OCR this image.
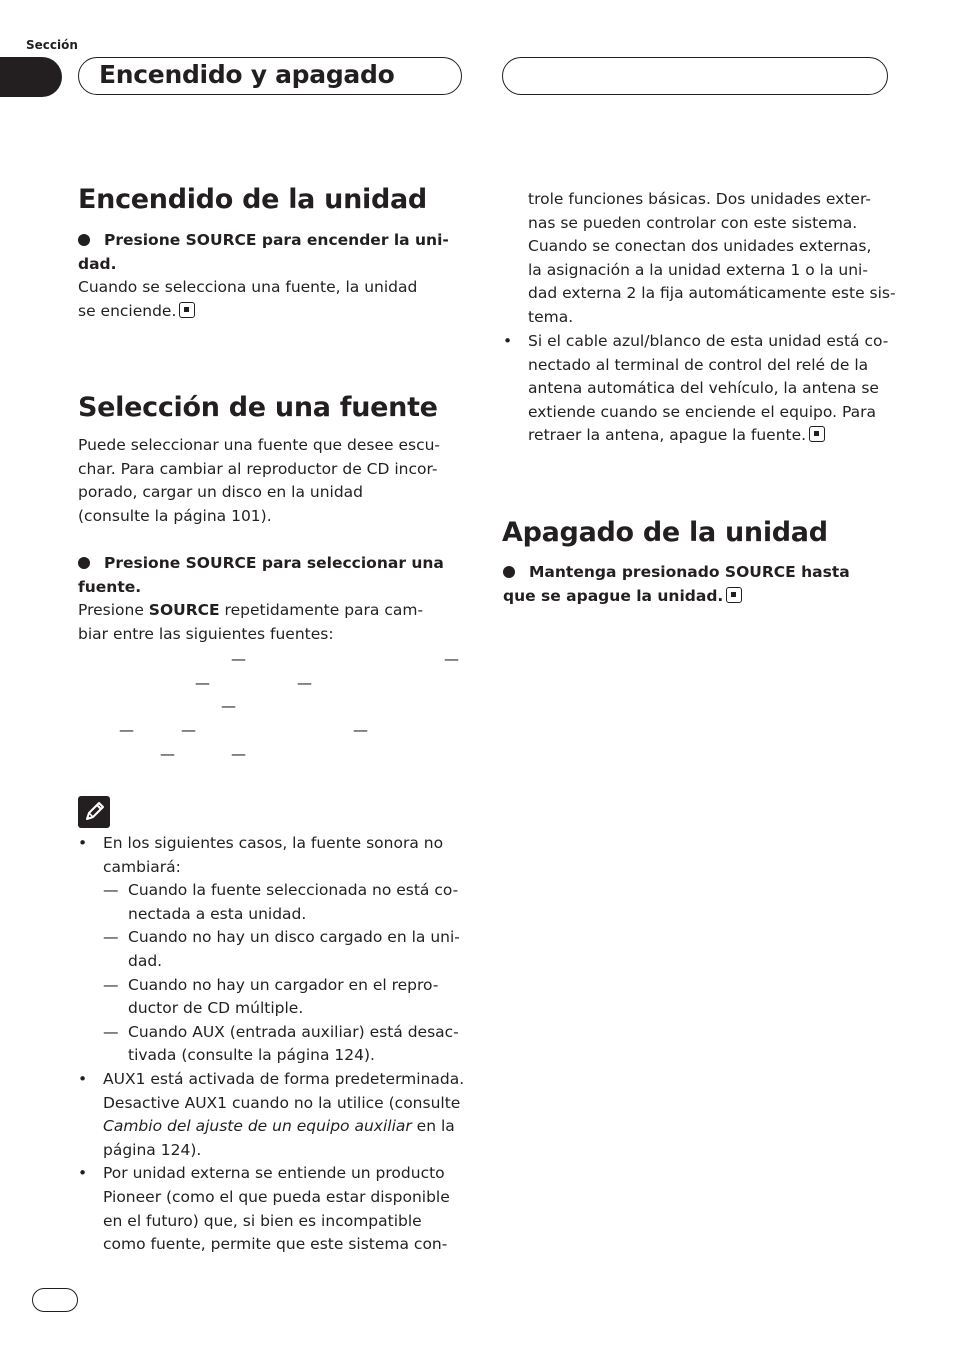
Sección
Encendido y apagado
Encendido de la unidad
Presione SOURCE para encender la uni-
dad.
Cuando se selecciona una fuente, la unidad
se enciende.
Selección de una fuente
Puede seleccionar una fuente que desee escu-
char. Para cambiar al reproductor de CD incor-
porado, cargar un disco en la unidad
(consulte la página 101).
Presione SOURCE para seleccionar una
fuente.
Presione SOURCE repetidamente para cam-
biar entre las siguientes fuentes:
—	—
—	—
—
—	—	—
—	—
• En los siguientes casos, la fuente sonora no
cambiará:
— Cuando la fuente seleccionada no está co-
nectada a esta unidad.
— Cuando no hay un disco cargado en la uni-
dad.
— Cuando no hay un cargador en el repro-
ductor de CD múltiple.
— Cuando AUX (entrada auxiliar) está desac-
tivada (consulte la página 124).
• AUX1 está activada de forma predeterminada.
Desactive AUX1 cuando no la utilice (consulte
Cambio del ajuste de un equipo auxiliar en la
página 124).
• Por unidad externa se entiende un producto
Pioneer (como el que pueda estar disponible
en el futuro) que, si bien es incompatible
como fuente, permite que este sistema con-
trole funciones básicas. Dos unidades exter-
nas se pueden controlar con este sistema.
Cuando se conectan dos unidades externas,
la asignación a la unidad externa 1 o la uni-
dad externa 2 la fija automáticamente este sis-
tema.
• Si el cable azul/blanco de esta unidad está co-
nectado al terminal de control del relé de la
antena automática del vehículo, la antena se
extiende cuando se enciende el equipo. Para
retraer la antena, apague la fuente.
Apagado de la unidad
Mantenga presionado SOURCE hasta
que se apague la unidad.
